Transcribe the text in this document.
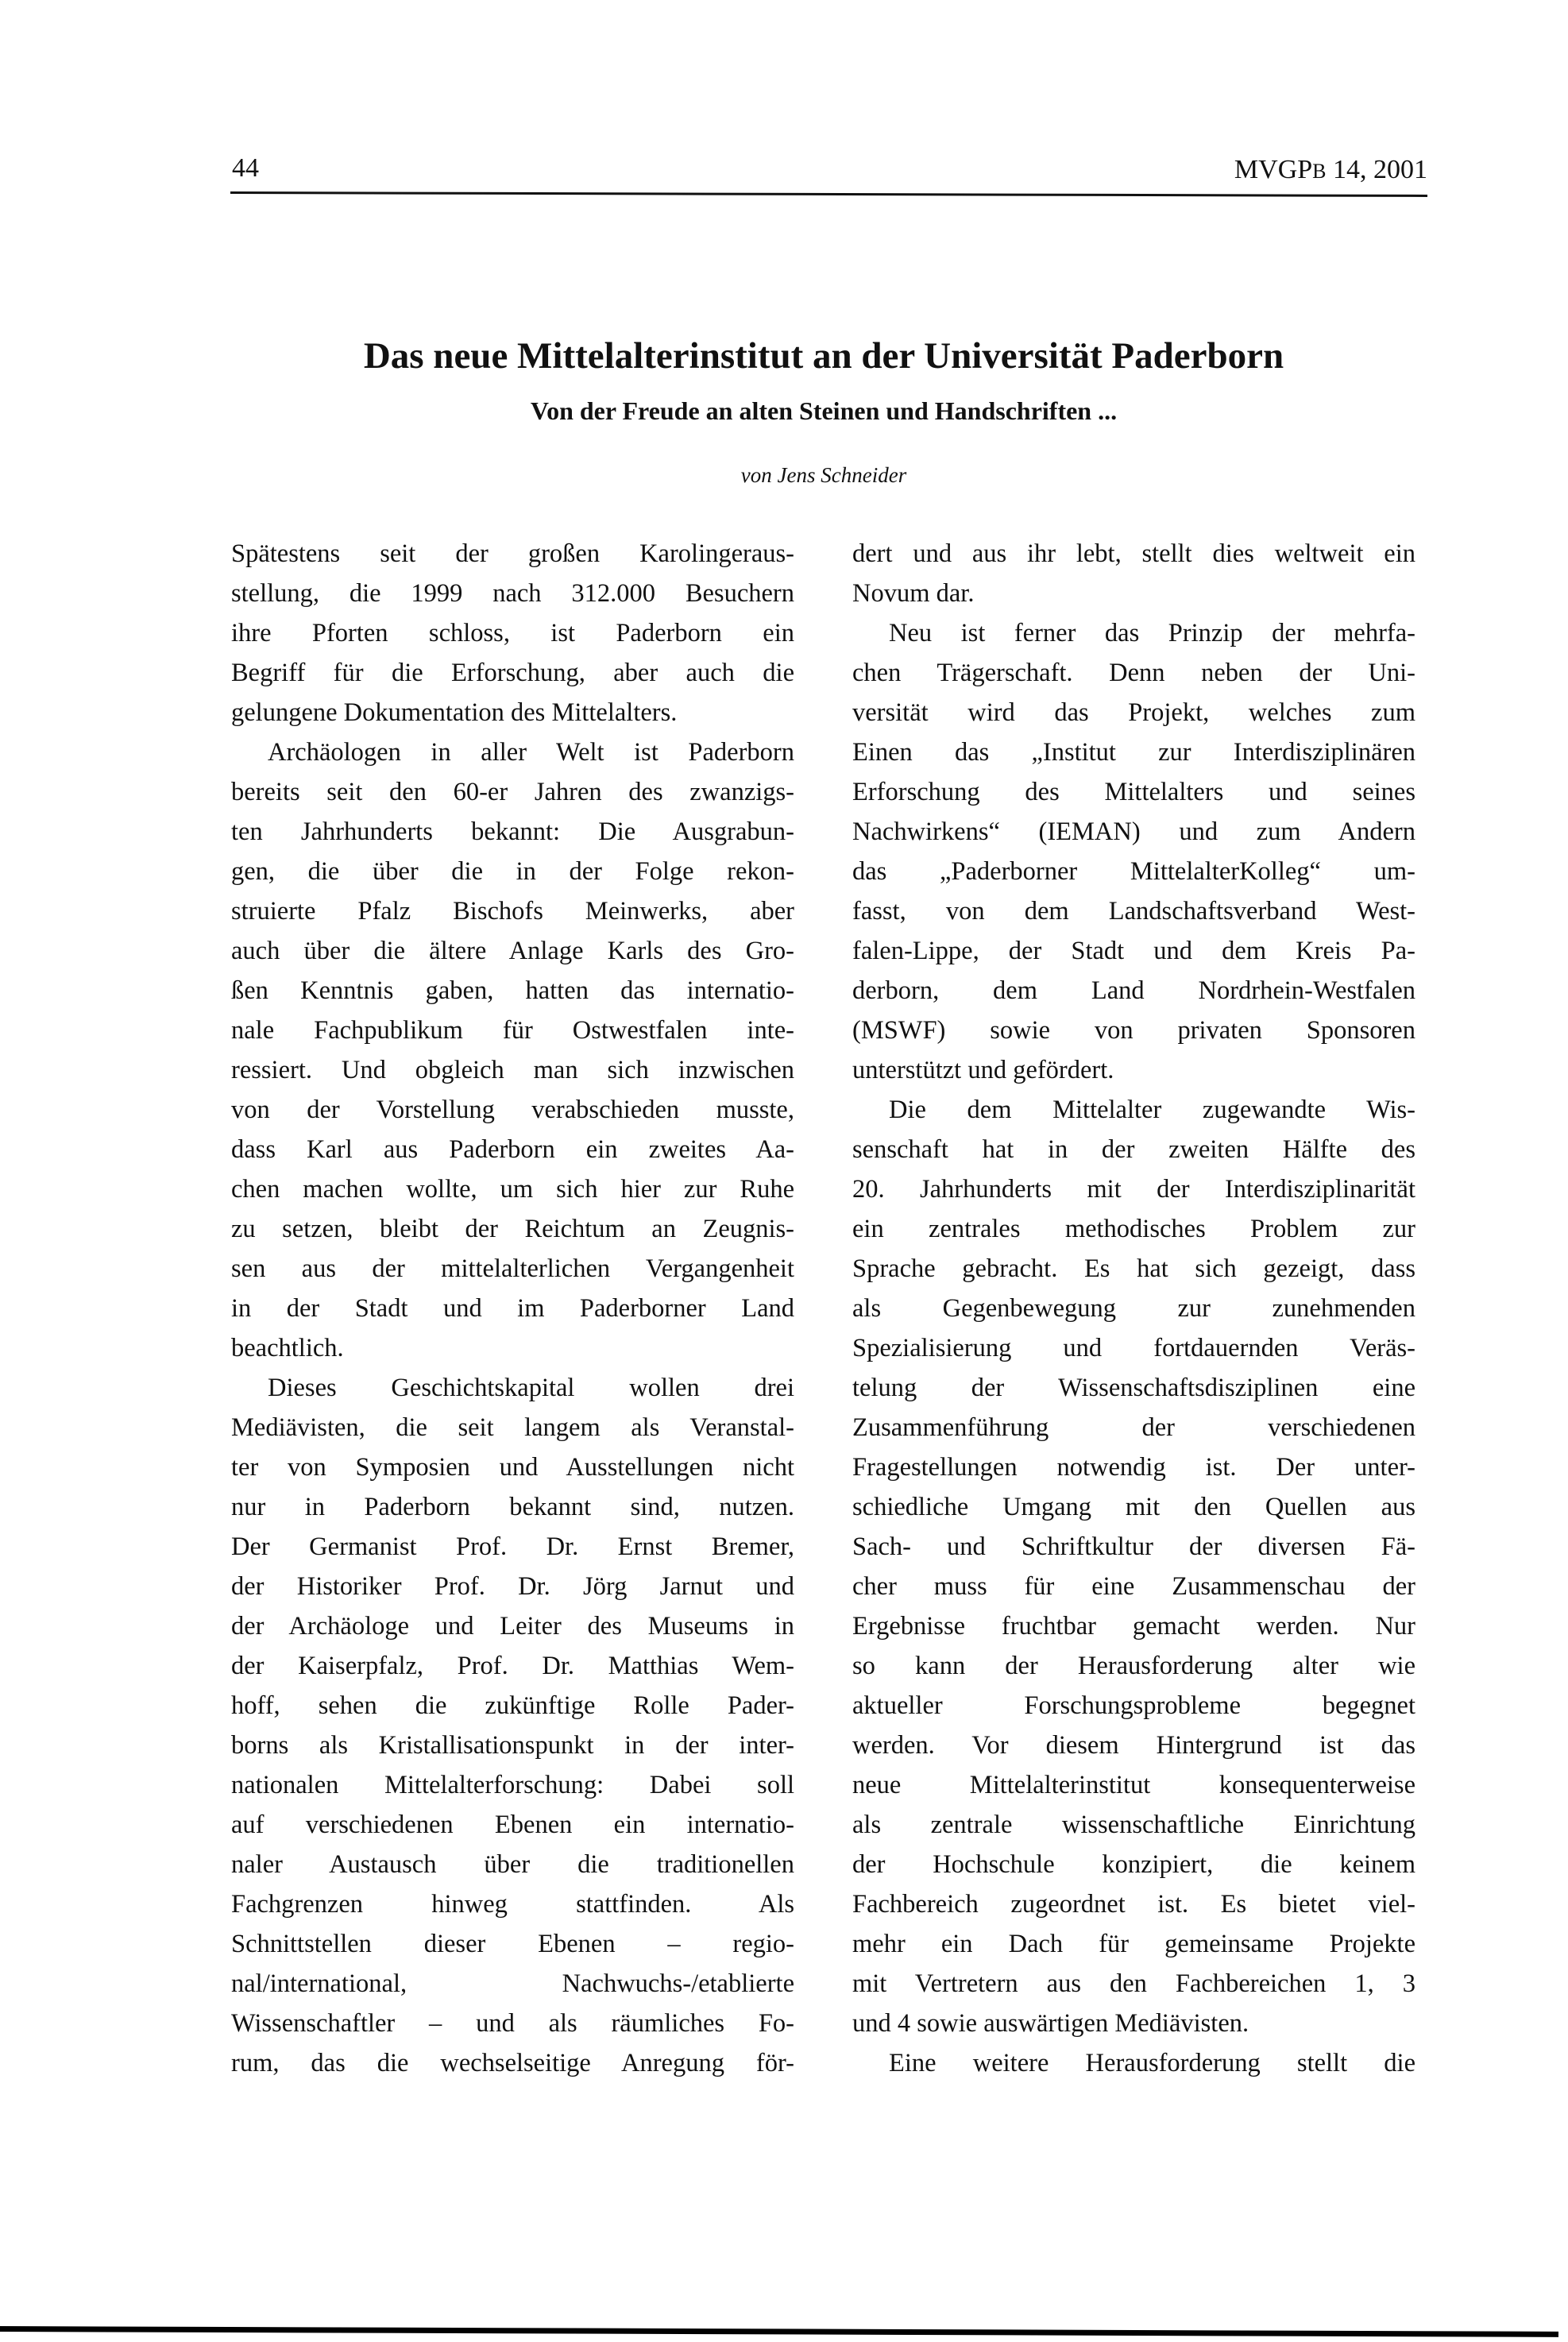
44	MVGPB 14, 2001
Das neue Mittelalterinstitut an der Universität Paderborn
Von der Freude an alten Steinen und Handschriften ...
von Jens Schneider
Spätestens seit der großen Karolingeraus-
stellung, die 1999 nach 312.000 Besuchern
ihre Pforten schloss, ist Paderborn ein
Begriff für die Erforschung, aber auch die
gelungene Dokumentation des Mittelalters.
Archäologen in aller Welt ist Paderborn
bereits seit den 60-er Jahren des zwanzigs-
ten Jahrhunderts bekannt: Die Ausgrabun-
gen, die über die in der Folge rekon-
struierte Pfalz Bischofs Meinwerks, aber
auch über die ältere Anlage Karls des Gro-
ßen Kenntnis gaben, hatten das internatio-
nale Fachpublikum für Ostwestfalen inte-
ressiert. Und obgleich man sich inzwischen
von der Vorstellung verabschieden musste,
dass Karl aus Paderborn ein zweites Aa-
chen machen wollte, um sich hier zur Ruhe
zu setzen, bleibt der Reichtum an Zeugnis-
sen aus der mittelalterlichen Vergangenheit
in der Stadt und im Paderborner Land
beachtlich.
Dieses Geschichtskapital wollen drei
Mediävisten, die seit langem als Veranstal-
ter von Symposien und Ausstellungen nicht
nur in Paderborn bekannt sind, nutzen.
Der Germanist Prof. Dr. Ernst Bremer,
der Historiker Prof. Dr. Jörg Jarnut und
der Archäologe und Leiter des Museums in
der Kaiserpfalz, Prof. Dr. Matthias Wem-
hoff, sehen die zukünftige Rolle Pader-
borns als Kristallisationspunkt in der inter-
nationalen Mittelalterforschung: Dabei soll
auf verschiedenen Ebenen ein internatio-
naler Austausch über die traditionellen
Fachgrenzen hinweg stattfinden. Als
Schnittstellen dieser Ebenen – regio-
nal/international, Nachwuchs-/etablierte
Wissenschaftler – und als räumliches Fo-
rum, das die wechselseitige Anregung för-
dert und aus ihr lebt, stellt dies weltweit ein
Novum dar.
Neu ist ferner das Prinzip der mehrfa-
chen Trägerschaft. Denn neben der Uni-
versität wird das Projekt, welches zum
Einen das „Institut zur Interdisziplinären
Erforschung des Mittelalters und seines
Nachwirkens“ (IEMAN) und zum Andern
das „Paderborner MittelalterKolleg“ um-
fasst, von dem Landschaftsverband West-
falen-Lippe, der Stadt und dem Kreis Pa-
derborn, dem Land Nordrhein-Westfalen
(MSWF) sowie von privaten Sponsoren
unterstützt und gefördert.
Die dem Mittelalter zugewandte Wis-
senschaft hat in der zweiten Hälfte des
20. Jahrhunderts mit der Interdisziplinarität
ein zentrales methodisches Problem zur
Sprache gebracht. Es hat sich gezeigt, dass
als Gegenbewegung zur zunehmenden
Spezialisierung und fortdauernden Veräs-
telung der Wissenschaftsdisziplinen eine
Zusammenführung der verschiedenen
Fragestellungen notwendig ist. Der unter-
schiedliche Umgang mit den Quellen aus
Sach- und Schriftkultur der diversen Fä-
cher muss für eine Zusammenschau der
Ergebnisse fruchtbar gemacht werden. Nur
so kann der Herausforderung alter wie
aktueller Forschungsprobleme begegnet
werden. Vor diesem Hintergrund ist das
neue Mittelalterinstitut konsequenterweise
als zentrale wissenschaftliche Einrichtung
der Hochschule konzipiert, die keinem
Fachbereich zugeordnet ist. Es bietet viel-
mehr ein Dach für gemeinsame Projekte
mit Vertretern aus den Fachbereichen 1, 3
und 4 sowie auswärtigen Mediävisten.
Eine weitere Herausforderung stellt die
